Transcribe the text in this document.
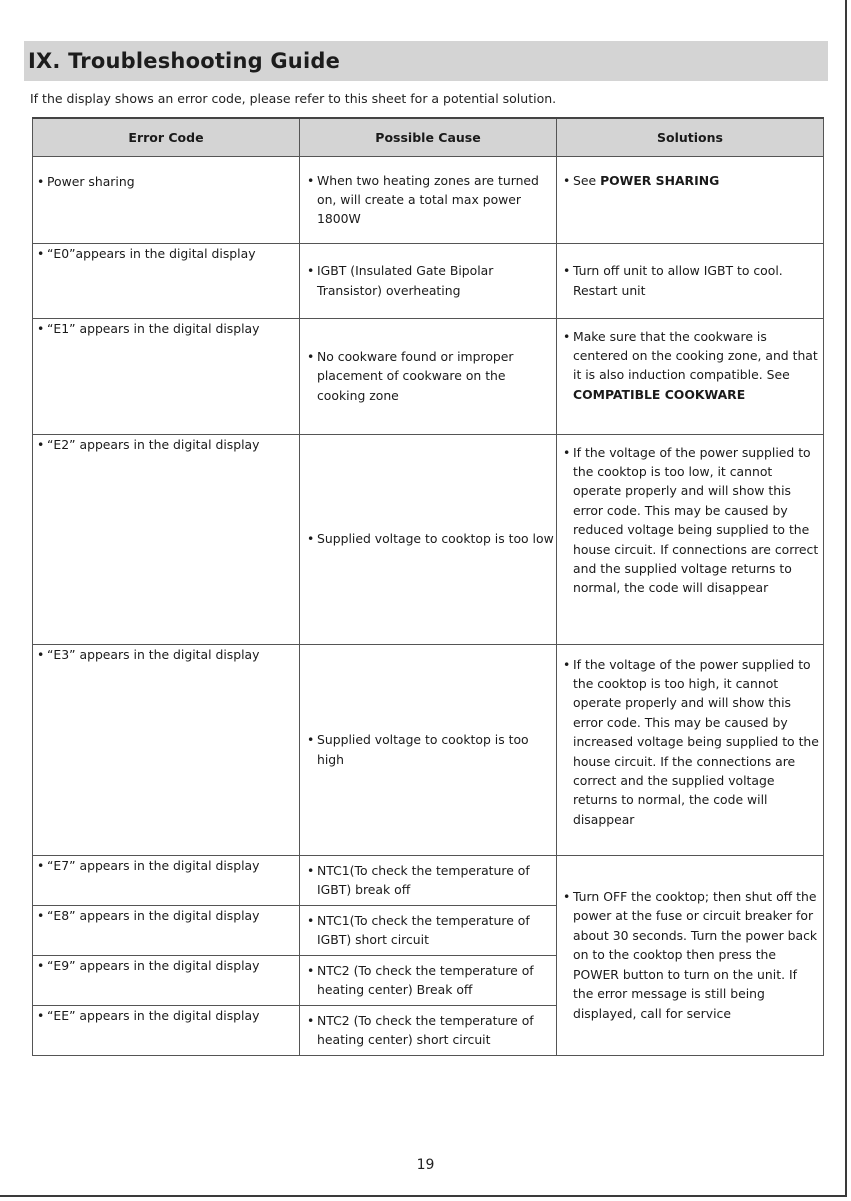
IX. Troubleshooting Guide
If the display shows an error code, please refer to this sheet for a potential solution.
Error Code	Possible Cause	Solutions

• Power sharing	• When two heating zones are turned on, will create a total max power 1800W	• See POWER SHARING

• “E0”appears in the digital display	• IGBT (Insulated Gate Bipolar Transistor) overheating	• Turn off unit to allow IGBT to cool. Restart unit

• “E1” appears in the digital display	• No cookware found or improper placement of cookware on the cooking zone	• Make sure that the cookware is centered on the cooking zone, and that it is also induction compatible. See COMPATIBLE COOKWARE

• “E2” appears in the digital display	• Supplied voltage to cooktop is too low	• If the voltage of the power supplied to the cooktop is too low, it cannot operate properly and will show this error code. This may be caused by reduced voltage being supplied to the house circuit. If connections are correct and the supplied voltage returns to normal, the code will disappear

• “E3” appears in the digital display	• Supplied voltage to cooktop is too high	• If the voltage of the power supplied to the cooktop is too high, it cannot operate properly and will show this error code. This may be caused by increased voltage being supplied to the house circuit. If the connections are correct and the supplied voltage returns to normal, the code will disappear

• “E7” appears in the digital display	• NTC1(To check the temperature of IGBT) break off	• Turn OFF the cooktop; then shut off the power at the fuse or circuit breaker for about 30 seconds. Turn the power back on to the cooktop then press the POWER button to turn on the unit. If the error message is still being displayed, call for service

• “E8” appears in the digital display	• NTC1(To check the temperature of IGBT) short circuit	

• “E9” appears in the digital display	• NTC2 (To check the temperature of heating center) Break off	

• “EE” appears in the digital display	• NTC2 (To check the temperature of heating center) short circuit	
19
